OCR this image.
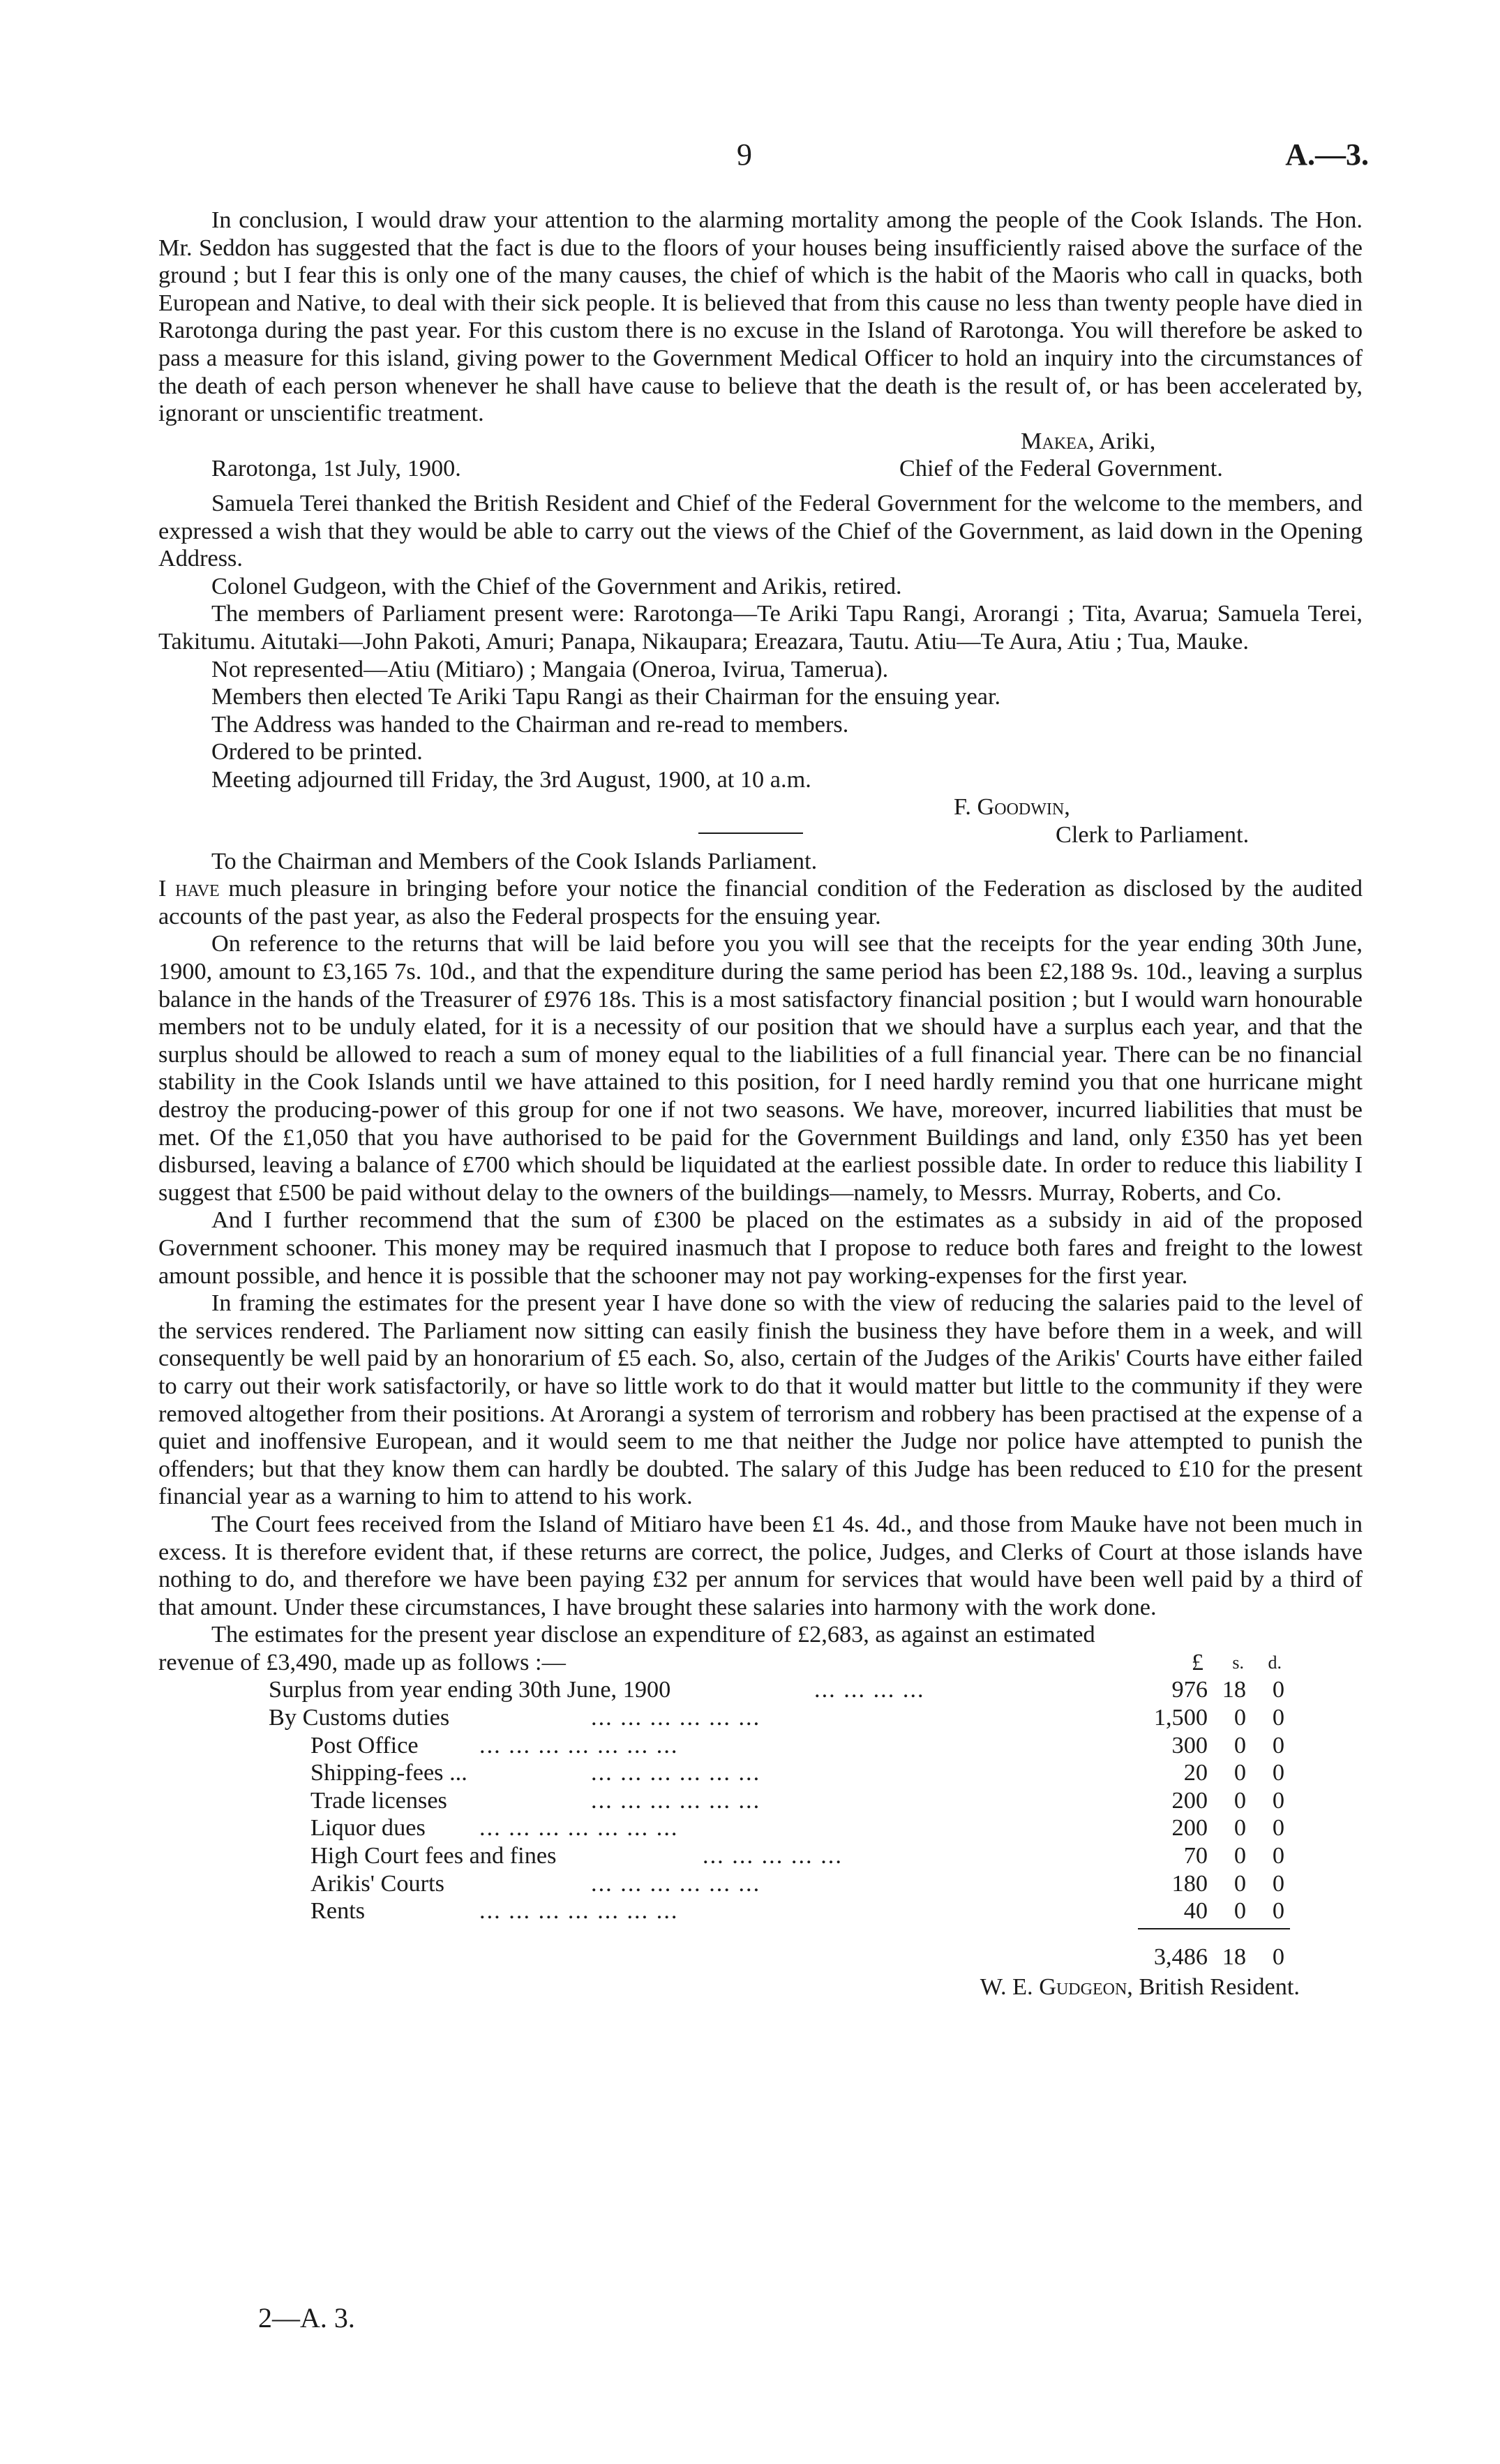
9	A.—3.

In conclusion, I would draw your attention to the alarming mortality among the people of the Cook Islands. The Hon. Mr. Seddon has suggested that the fact is due to the floors of your houses being insufficiently raised above the surface of the ground ; but I fear this is only one of the many causes, the chief of which is the habit of the Maoris who call in quacks, both European and Native, to deal with their sick people. It is believed that from this cause no less than twenty people have died in Rarotonga during the past year. For this custom there is no excuse in the Island of Rarotonga. You will therefore be asked to pass a measure for this island, giving power to the Government Medical Officer to hold an inquiry into the circumstances of the death of each person whenever he shall have cause to believe that the death is the result of, or has been accelerated by, ignorant or unscientific treatment.

Makea, Ariki,
Rarotonga, 1st July, 1900.	Chief of the Federal Government.

Samuela Terei thanked the British Resident and Chief of the Federal Government for the welcome to the members, and expressed a wish that they would be able to carry out the views of the Chief of the Government, as laid down in the Opening Address.

Colonel Gudgeon, with the Chief of the Government and Arikis, retired.

The members of Parliament present were: Rarotonga—Te Ariki Tapu Rangi, Arorangi ; Tita, Avarua; Samuela Terei, Takitumu. Aitutaki—John Pakoti, Amuri; Panapa, Nikaupara; Ereazara, Tautu. Atiu—Te Aura, Atiu ; Tua, Mauke.

Not represented—Atiu (Mitiaro) ; Mangaia (Oneroa, Ivirua, Tamerua).

Members then elected Te Ariki Tapu Rangi as their Chairman for the ensuing year.

The Address was handed to the Chairman and re-read to members.

Ordered to be printed.

Meeting adjourned till Friday, the 3rd August, 1900, at 10 a.m.

F. Goodwin,
Clerk to Parliament.

To the Chairman and Members of the Cook Islands Parliament.

I have much pleasure in bringing before your notice the financial condition of the Federation as disclosed by the audited accounts of the past year, as also the Federal prospects for the ensuing year.

On reference to the returns that will be laid before you you will see that the receipts for the year ending 30th June, 1900, amount to £3,165 7s. 10d., and that the expenditure during the same period has been £2,188 9s. 10d., leaving a surplus balance in the hands of the Treasurer of £976 18s. This is a most satisfactory financial position ; but I would warn honourable members not to be unduly elated, for it is a necessity of our position that we should have a surplus each year, and that the surplus should be allowed to reach a sum of money equal to the liabilities of a full financial year. There can be no financial stability in the Cook Islands until we have attained to this position, for I need hardly remind you that one hurricane might destroy the producing-power of this group for one if not two seasons. We have, moreover, incurred liabilities that must be met. Of the £1,050 that you have authorised to be paid for the Government Buildings and land, only £350 has yet been disbursed, leaving a balance of £700 which should be liquidated at the earliest possible date. In order to reduce this liability I suggest that £500 be paid without delay to the owners of the buildings—namely, to Messrs. Murray, Roberts, and Co.

And I further recommend that the sum of £300 be placed on the estimates as a subsidy in aid of the proposed Government schooner. This money may be required inasmuch that I propose to reduce both fares and freight to the lowest amount possible, and hence it is possible that the schooner may not pay working-expenses for the first year.

In framing the estimates for the present year I have done so with the view of reducing the salaries paid to the level of the services rendered. The Parliament now sitting can easily finish the business they have before them in a week, and will consequently be well paid by an honorarium of £5 each. So, also, certain of the Judges of the Arikis' Courts have either failed to carry out their work satisfactorily, or have so little work to do that it would matter but little to the community if they were removed altogether from their positions. At Arorangi a system of terrorism and robbery has been practised at the expense of a quiet and inoffensive European, and it would seem to me that neither the Judge nor police have attempted to punish the offenders; but that they know them can hardly be doubted. The salary of this Judge has been reduced to £10 for the present financial year as a warning to him to attend to his work.

The Court fees received from the Island of Mitiaro have been £1 4s. 4d., and those from Mauke have not been much in excess. It is therefore evident that, if these returns are correct, the police, Judges, and Clerks of Court at those islands have nothing to do, and therefore we have been paying £32 per annum for services that would have been well paid by a third of that amount. Under these circumstances, I have brought these salaries into harmony with the work done.

The estimates for the present year disclose an expenditure of £2,683, as against an estimated

revenue of £3,490, made up as follows :—	£ s. d.
Surplus from year ending 30th June, 1900	... ... ... ...	976 18 0
By Customs duties	... ... ... ... ... ...	1,500 0 0
Post Office	... ... ... ... ... ... ...	300 0 0
Shipping-fees ...	... ... ... ... ... ...	20 0 0
Trade licenses	... ... ... ... ... ...	200 0 0
Liquor dues ... ... ... ... ... ... ...	200 0 0
High Court fees and fines	... ... ... ... ...	70 0 0
Arikis' Courts	... ... ... ... ... ...	180 0 0
Rents	... ... ... ... ... ... ...	40 0 0
3,486 18 0
W. E. Gudgeon, British Resident.
2—A. 3.
